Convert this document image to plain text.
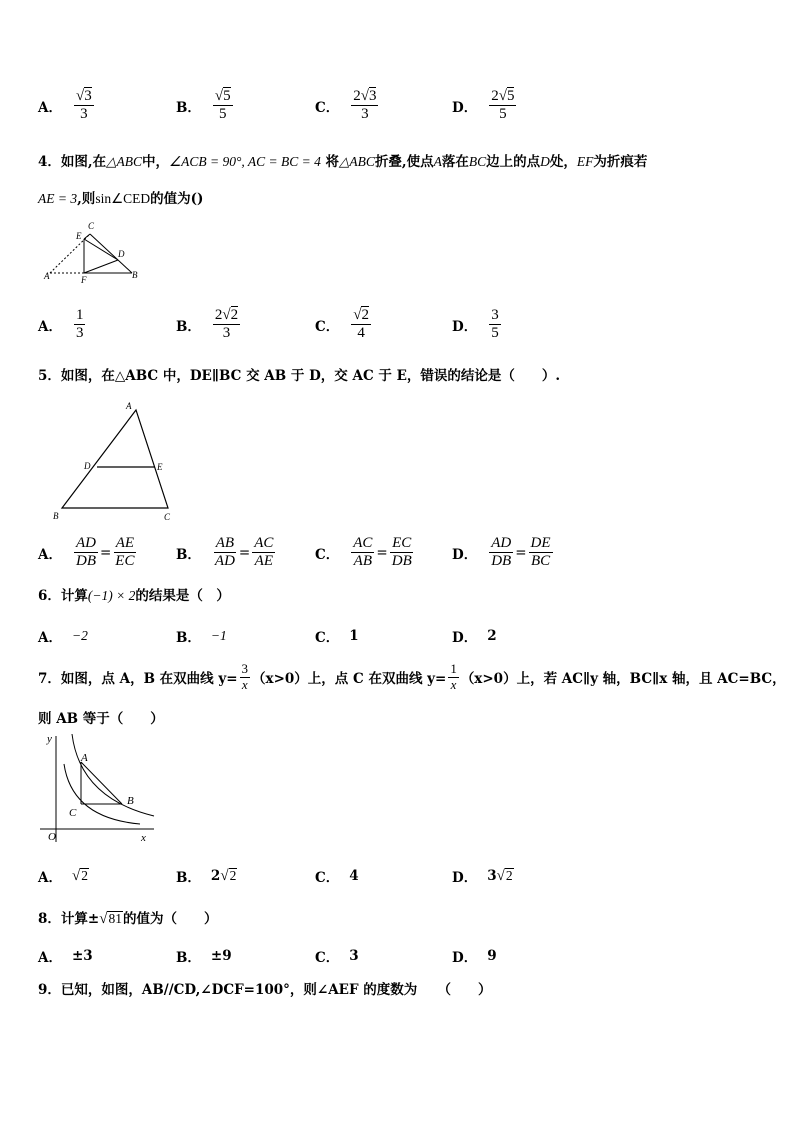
A． $\frac{√3}{3}$	B． $\frac{√5}{5}$	C． $\frac{2√3}{3}$	D． $\frac{2√5}{5}$
4．如图,在△ABC中，∠ACB = 90°, AC = BC = 4 将△ABC折叠,使点A落在BC边上的点D处，EF为折痕若
AE = 3,则sin∠CED的值为()
C
E
D
A	F	B
A． $\frac{1}{3}$	B． $\frac{2√2}{3}$	C． $\frac{√2}{4}$	D． $\frac{3}{5}$
5．如图，在△ABC 中，DE∥BC 交 AB 于 D，交 AC 于 E，错误的结论是（　　）.
A
D	E
B	C
A． $\frac{AD}{DB} = \frac{AE}{EC}$	B． $\frac{AB}{AD} = \frac{AC}{AE}$	C． $\frac{AC}{AB} = \frac{EC}{DB}$	D． $\frac{AD}{DB} = \frac{DE}{BC}$
6．计算(−1) × 2的结果是（　）
A． −2	B． −1	C． 1	D． 2
7．如图，点 A，B 在双曲线 $y= \frac{3}{x} (x>0)$上，点 C 在双曲线 $y= \frac{1}{x} (x>0)$上，若 AC∥y 轴，BC∥x 轴，且 AC=BC，
则 AB 等于（　　）
y
A
B
C
O	x
A． √ 2	B． 2 √ 2	C． 4	D． 3 √ 2
8．计算± √ 81 的值为（　　）
A． ±3	B． ±9	C． 3	D． 9
9．已知，如图，AB//CD,∠DCF=100°，则∠AEF 的度数为　　（　　）
